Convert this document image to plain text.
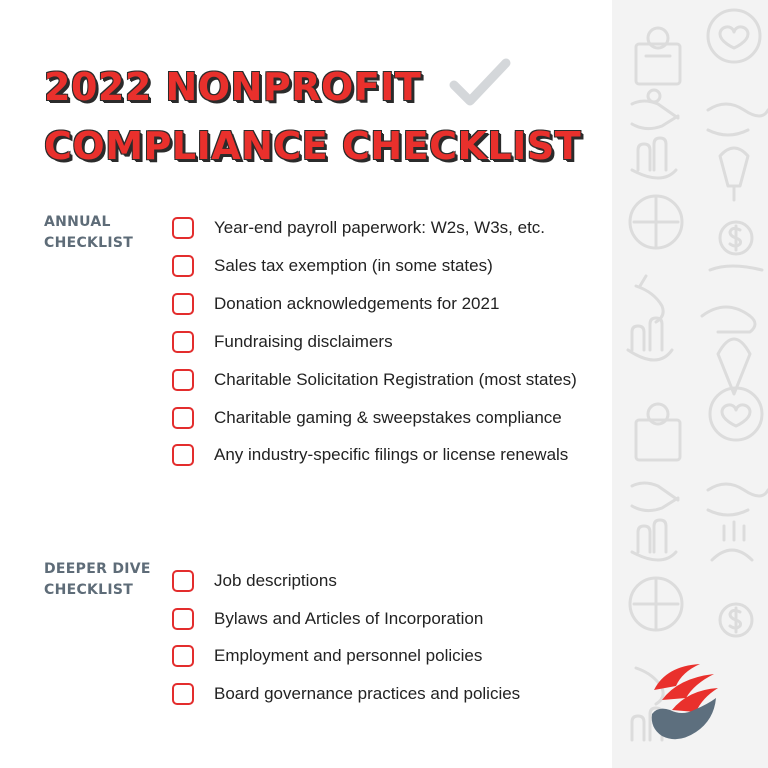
2022 NONPROFIT
COMPLIANCE CHECKLIST
ANNUAL
CHECKLIST
Year-end payroll paperwork: W2s, W3s, etc.
Sales tax exemption (in some states)
Donation acknowledgements for 2021
Fundraising disclaimers
Charitable Solicitation Registration (most states)
Charitable gaming & sweepstakes compliance
Any industry-specific filings or license renewals
DEEPER DIVE
CHECKLIST	Job descriptions
Bylaws and Articles of Incorporation
Employment and personnel policies
Board governance practices and policies
